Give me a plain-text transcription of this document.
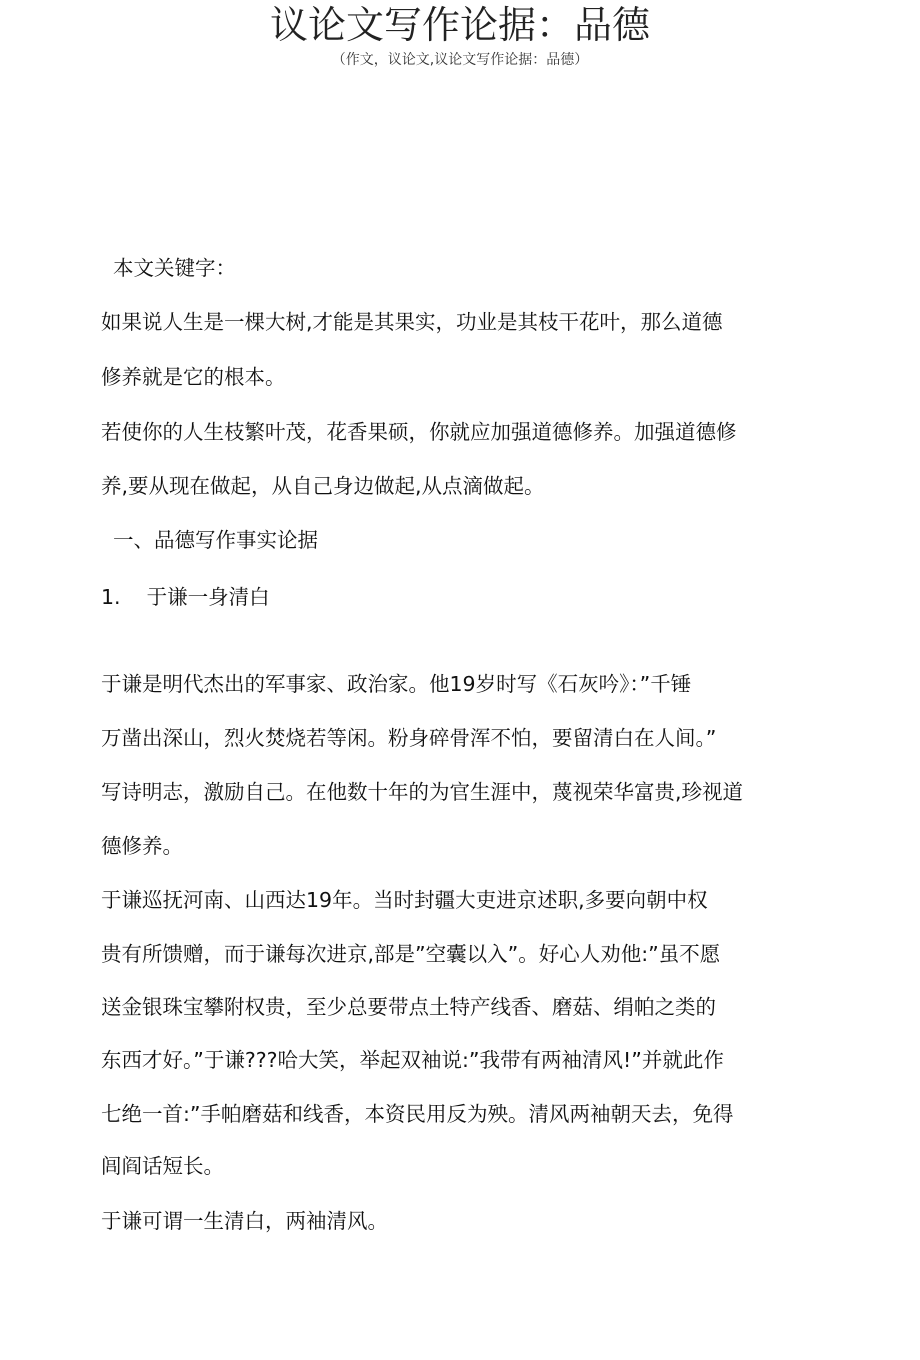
议论文写作论据：品德
（作文，议论文,议论文写作论据：品德）
本文关键字：
如果说人生是一棵大树,才能是其果实，功业是其枝干花叶，那么道德
修养就是它的根本。
若使你的人生枝繁叶茂，花香果硕，你就应加强道德修养。加强道德修
养,要从现在做起，从自己身边做起,从点滴做起。
一、品德写作事实论据
1.    于谦一身清白
于谦是明代杰出的军事家、政治家。他19岁时写《石灰吟》：”千锤
万凿出深山，烈火焚烧若等闲。粉身碎骨浑不怕，要留清白在人间。”
写诗明志，激励自己。在他数十年的为官生涯中，蔑视荣华富贵,珍视道
德修养。
于谦巡抚河南、山西达19年。当时封疆大吏进京述职,多要向朝中权
贵有所馈赠，而于谦每次进京,部是”空囊以入”。好心人劝他:”虽不愿
送金银珠宝攀附权贵，至少总要带点土特产线香、磨菇、绢帕之类的
东西才好。”于谦???哈大笑，举起双袖说:”我带有两袖清风!”并就此作
七绝一首:”手帕磨菇和线香，本资民用反为殃。清风两袖朝天去，免得
闾阎话短长。
于谦可谓一生清白，两袖清风。
